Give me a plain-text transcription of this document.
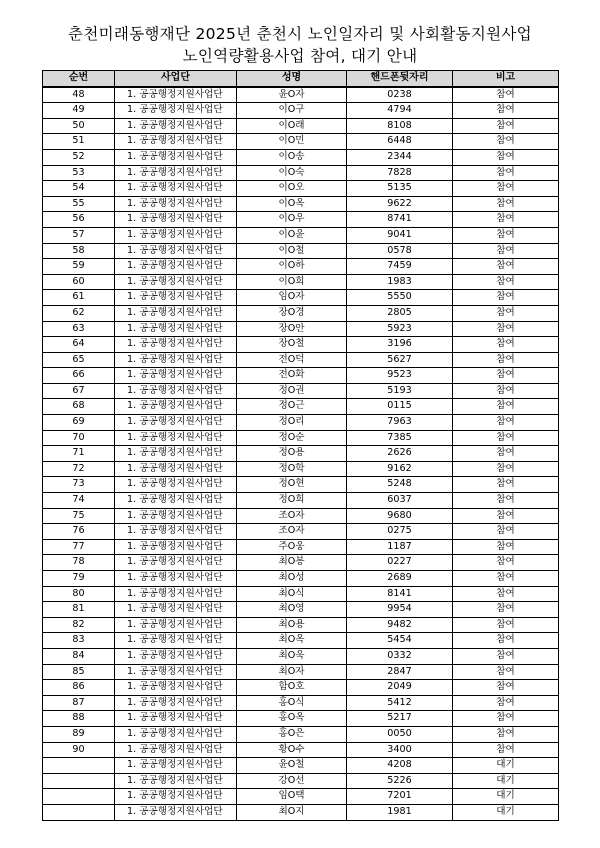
춘천미래동행재단 2025년 춘천시 노인일자리 및 사회활동지원사업
노인역량활용사업 참여, 대기 안내
순번	사업단	성명	핸드폰뒷자리	비고
48	1. 공공행정지원사업단	윤O자	0238	참여
49	1. 공공행정지원사업단	이O구	4794	참여
50	1. 공공행정지원사업단	이O래	8108	참여
51	1. 공공행정지원사업단	이O민	6448	참여
52	1. 공공행정지원사업단	이O송	2344	참여
53	1. 공공행정지원사업단	이O숙	7828	참여
54	1. 공공행정지원사업단	이O오	5135	참여
55	1. 공공행정지원사업단	이O옥	9622	참여
56	1. 공공행정지원사업단	이O우	8741	참여
57	1. 공공행정지원사업단	이O윤	9041	참여
58	1. 공공행정지원사업단	이O철	0578	참여
59	1. 공공행정지원사업단	이O하	7459	참여
60	1. 공공행정지원사업단	이O희	1983	참여
61	1. 공공행정지원사업단	임O자	5550	참여
62	1. 공공행정지원사업단	장O경	2805	참여
63	1. 공공행정지원사업단	장O안	5923	참여
64	1. 공공행정지원사업단	장O철	3196	참여
65	1. 공공행정지원사업단	전O덕	5627	참여
66	1. 공공행정지원사업단	전O화	9523	참여
67	1. 공공행정지원사업단	정O권	5193	참여
68	1. 공공행정지원사업단	정O근	0115	참여
69	1. 공공행정지원사업단	정O리	7963	참여
70	1. 공공행정지원사업단	정O순	7385	참여
71	1. 공공행정지원사업단	정O용	2626	참여
72	1. 공공행정지원사업단	정O학	9162	참여
73	1. 공공행정지원사업단	정O현	5248	참여
74	1. 공공행정지원사업단	정O희	6037	참여
75	1. 공공행정지원사업단	조O자	9680	참여
76	1. 공공행정지원사업단	조O자	0275	참여
77	1. 공공행정지원사업단	주O웅	1187	참여
78	1. 공공행정지원사업단	최O봉	0227	참여
79	1. 공공행정지원사업단	최O성	2689	참여
80	1. 공공행정지원사업단	최O식	8141	참여
81	1. 공공행정지원사업단	최O영	9954	참여
82	1. 공공행정지원사업단	최O용	9482	참여
83	1. 공공행정지원사업단	최O옥	5454	참여
84	1. 공공행정지원사업단	최O욱	0332	참여
85	1. 공공행정지원사업단	최O자	2847	참여
86	1. 공공행정지원사업단	함O호	2049	참여
87	1. 공공행정지원사업단	홍O식	5412	참여
88	1. 공공행정지원사업단	홍O옥	5217	참여
89	1. 공공행정지원사업단	홍O은	0050	참여
90	1. 공공행정지원사업단	황O수	3400	참여
	1. 공공행정지원사업단	윤O철	4208	대기
	1. 공공행정지원사업단	강O선	5226	대기
	1. 공공행정지원사업단	임O택	7201	대기
	1. 공공행정지원사업단	최O지	1981	대기
